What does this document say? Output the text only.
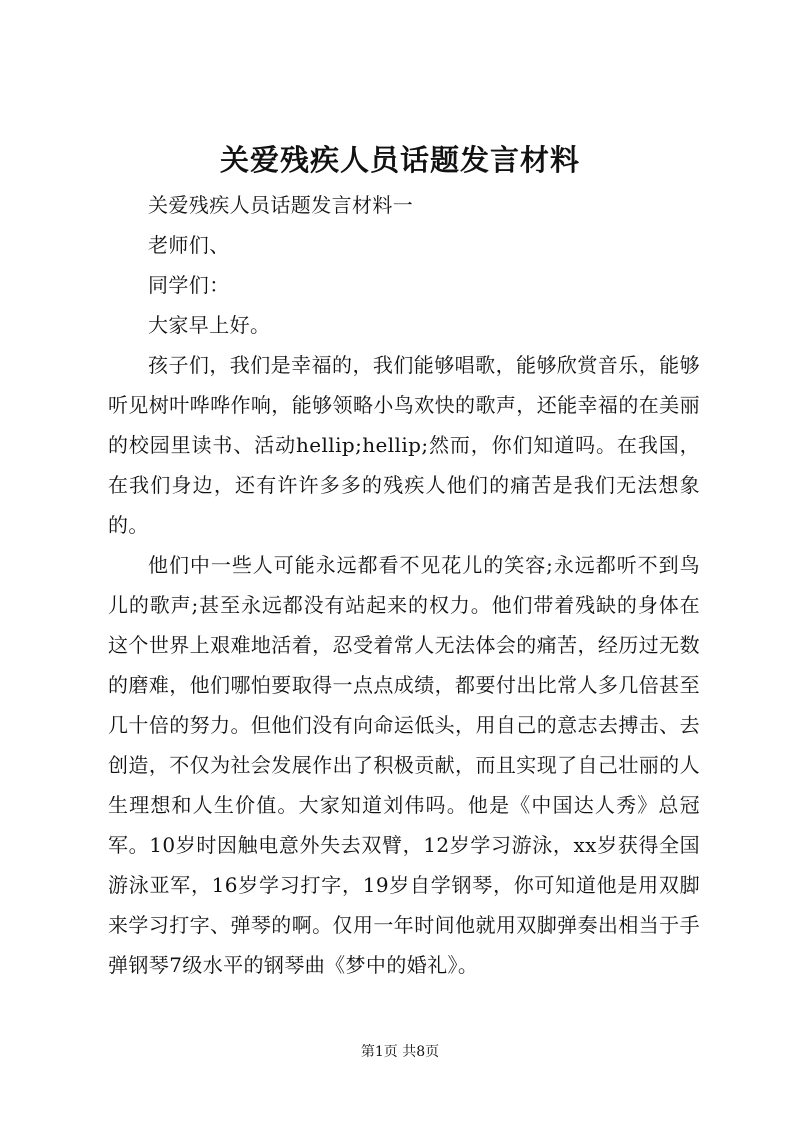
关爱残疾人员话题发言材料

关爱残疾人员话题发言材料一

老师们、

同学们：

大家早上好。

孩子们，我们是幸福的，我们能够唱歌，能够欣赏音乐，能够听见树叶哗哗作响，能够领略小鸟欢快的歌声，还能幸福的在美丽的校园里读书、活动hellip;hellip;然而，你们知道吗。在我国，在我们身边，还有许许多多的残疾人他们的痛苦是我们无法想象的。

他们中一些人可能永远都看不见花儿的笑容;永远都听不到鸟儿的歌声;甚至永远都没有站起来的权力。他们带着残缺的身体在这个世界上艰难地活着，忍受着常人无法体会的痛苦，经历过无数的磨难，他们哪怕要取得一点点成绩，都要付出比常人多几倍甚至几十倍的努力。但他们没有向命运低头，用自己的意志去搏击、去创造，不仅为社会发展作出了积极贡献，而且实现了自己壮丽的人生理想和人生价值。大家知道刘伟吗。他是《中国达人秀》总冠军。10岁时因触电意外失去双臂，12岁学习游泳，xx岁获得全国游泳亚军，16岁学习打字，19岁自学钢琴，你可知道他是用双脚来学习打字、弹琴的啊。仅用一年时间他就用双脚弹奏出相当于手弹钢琴7级水平的钢琴曲《梦中的婚礼》。

第1页 共8页
